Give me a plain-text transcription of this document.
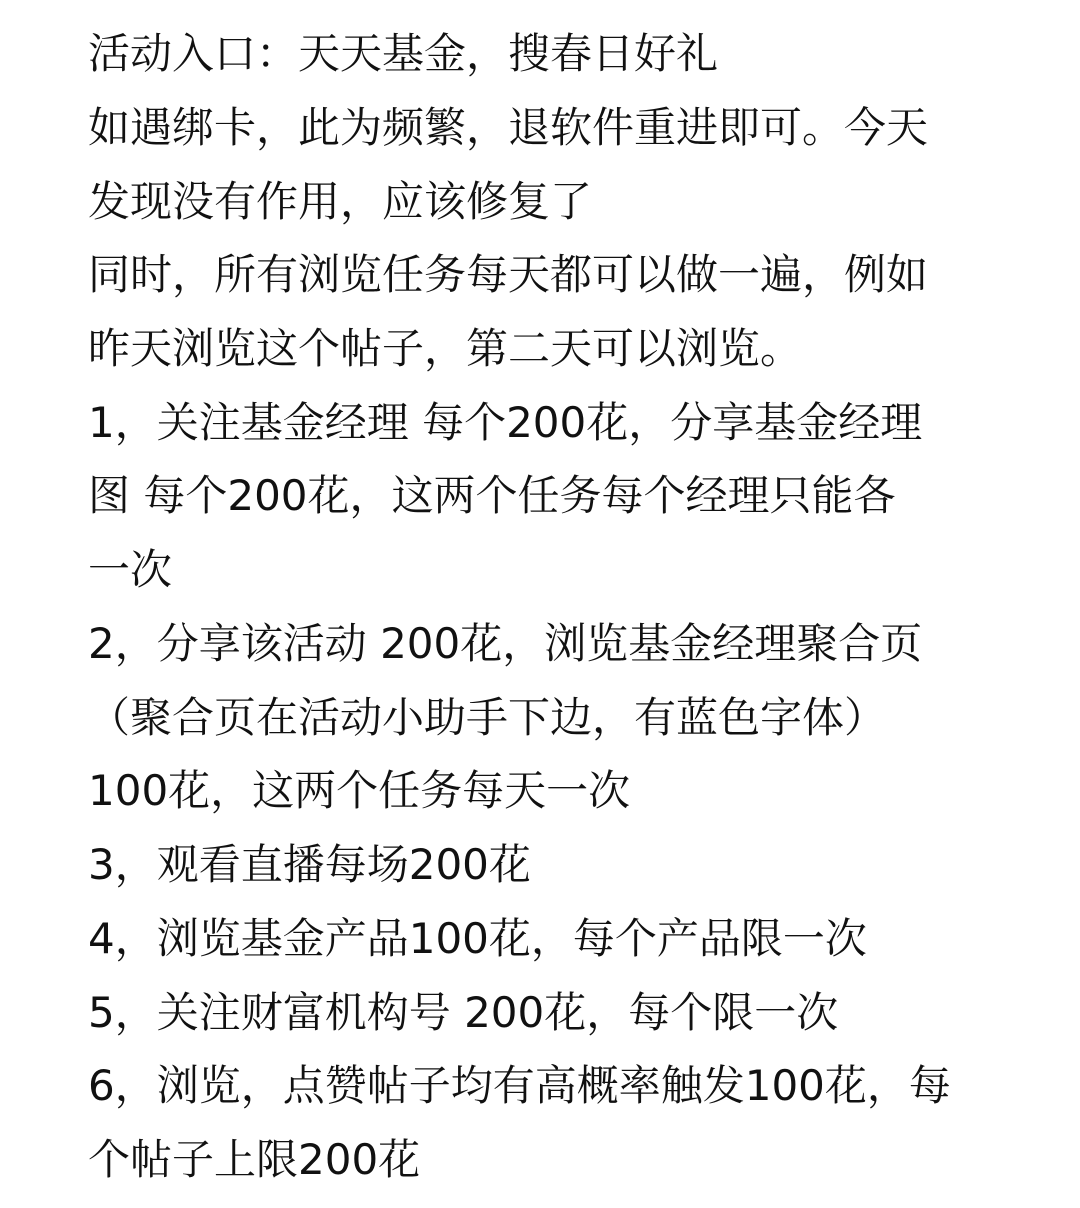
活动入口：天天基金，搜春日好礼
如遇绑卡，此为频繁，退软件重进即可。今天
发现没有作用，应该修复了
同时，所有浏览任务每天都可以做一遍，例如
昨天浏览这个帖子，第二天可以浏览。
1，关注基金经理 每个200花，分享基金经理
图 每个200花，这两个任务每个经理只能各
一次
2，分享该活动 200花，浏览基金经理聚合页
（聚合页在活动小助手下边，有蓝色字体）
100花，这两个任务每天一次
3，观看直播每场200花
4，浏览基金产品100花，每个产品限一次
5，关注财富机构号 200花，每个限一次
6，浏览，点赞帖子均有高概率触发100花，每
个帖子上限200花
